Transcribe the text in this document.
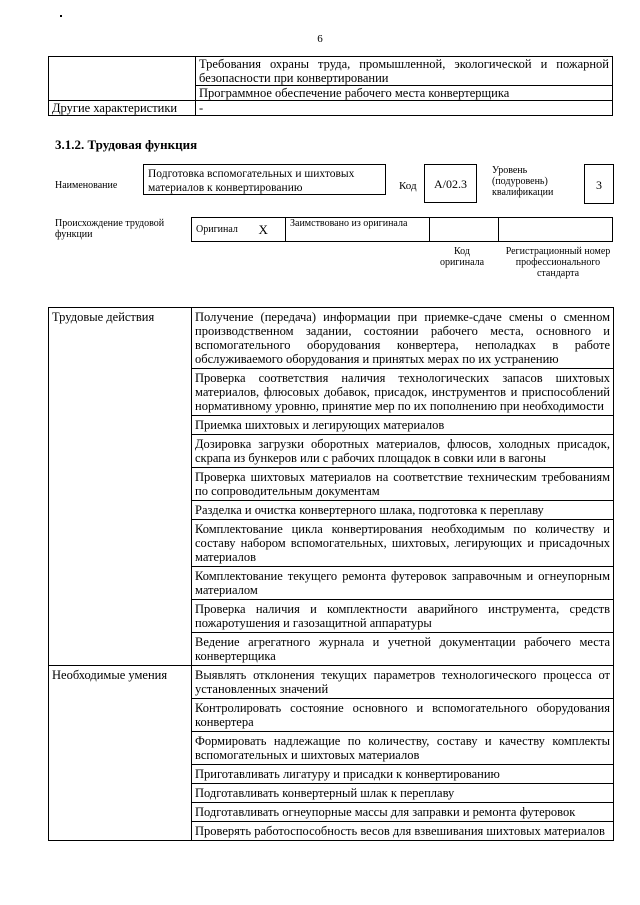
6
	Требования охраны труда, промышленной, экологической и пожарной безопасности при конвертировании
	Программное обеспечение рабочего места конвертерщика
Другие характеристики	-
3.1.2. Трудовая функция
Наименование
Подготовка вспомогательных и шихтовых материалов к конвертированию	Код	А/02.3
Уровень (подуровень) квалификации
3
Происхождение трудовой функции	Оригинал	X	Заимствовано из оригинала		
Код оригинала
Регистрационный номер профессионального стандарта
Трудовые действия	Получение (передача) информации при приемке-сдаче смены о сменном производственном задании, состоянии рабочего места, основного и вспомогательного оборудования конвертера, неполадках в работе обслуживаемого оборудования и принятых мерах по их устранению
	Проверка соответствия наличия технологических запасов шихтовых материалов, флюсовых добавок, присадок, инструментов и приспособлений нормативному уровню, принятие мер по их пополнению при необходимости
	Приемка шихтовых и легирующих материалов
	Дозировка загрузки оборотных материалов, флюсов, холодных присадок, скрапа из бункеров или с рабочих площадок в совки или в вагоны
	Проверка шихтовых материалов на соответствие техническим требованиям по сопроводительным документам
	Разделка и очистка конвертерного шлака, подготовка к переплаву
	Комплектование цикла конвертирования необходимым по количеству и составу набором вспомогательных, шихтовых, легирующих и присадочных материалов
	Комплектование текущего ремонта футеровок заправочным и огнеупорным материалом
	Проверка наличия и комплектности аварийного инструмента, средств пожаротушения и газозащитной аппаратуры
	Ведение агрегатного журнала и учетной документации рабочего места конвертерщика
Необходимые умения	Выявлять отклонения текущих параметров технологического процесса от установленных значений
	Контролировать состояние основного и вспомогательного оборудования конвертера
	Формировать надлежащие по количеству, составу и качеству комплекты вспомогательных и шихтовых материалов
	Приготавливать лигатуру и присадки к конвертированию
	Подготавливать конвертерный шлак к переплаву
	Подготавливать огнеупорные массы для заправки и ремонта футеровок
	Проверять работоспособность весов для взвешивания шихтовых материалов
